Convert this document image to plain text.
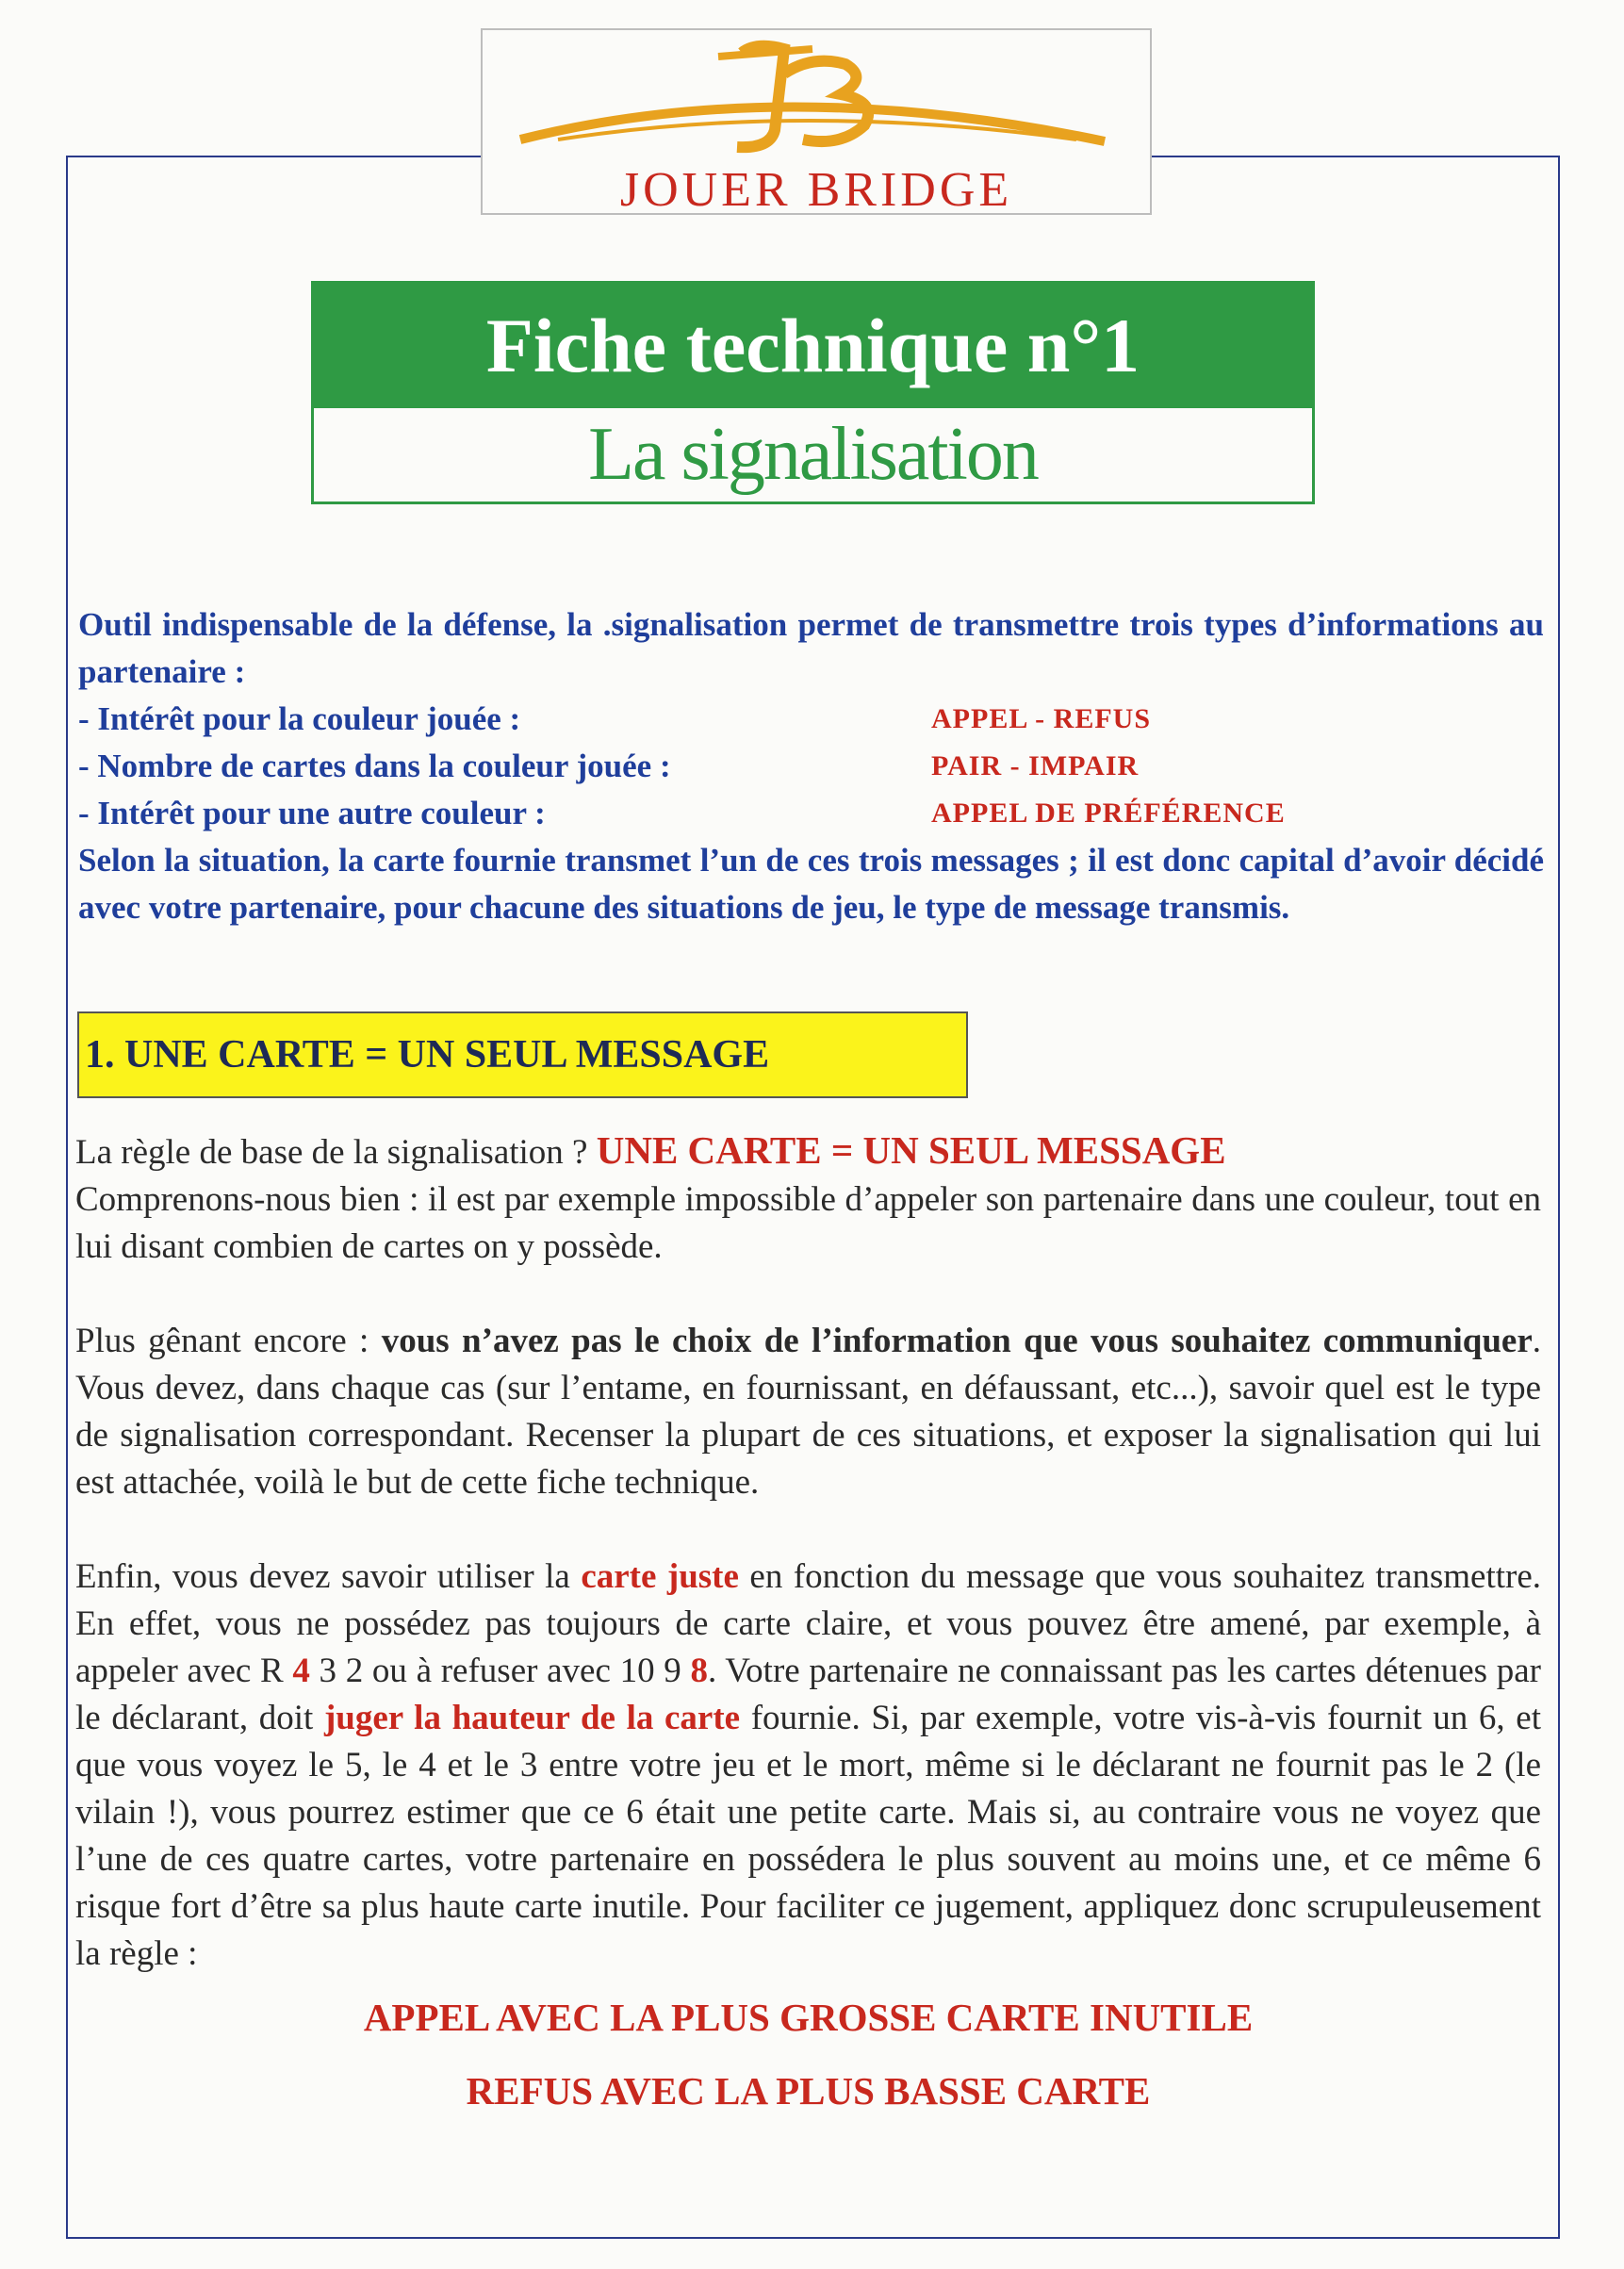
JOUER BRIDGE
Fiche technique n°1
La signalisation

Outil indispensable de la défense, la .signalisation permet de transmettre trois types d’informations au partenaire :

- Intérêt pour la couleur jouée :	APPEL - REFUS
- Nombre de cartes dans la couleur jouée :	PAIR - IMPAIR
- Intérêt pour une autre couleur :	APPEL DE PRÉFÉRENCE

Selon la situation, la carte fournie transmet l’un de ces trois messages ; il est donc capital d’avoir décidé avec votre partenaire, pour chacune des situations de jeu, le type de message transmis.

1. UNE CARTE = UN SEUL MESSAGE

La règle de base de la signalisation ? UNE CARTE = UN SEUL MESSAGE

Comprenons-nous bien : il est par exemple impossible d’appeler son partenaire dans une couleur, tout en lui disant combien de cartes on y possède.

Plus gênant encore : vous n’avez pas le choix de l’information que vous souhaitez communiquer. Vous devez, dans chaque cas (sur l’entame, en fournissant, en défaussant, etc...), savoir quel est le type de signalisation correspondant. Recenser la plupart de ces situations, et exposer la signalisation qui lui est attachée, voilà le but de cette fiche technique.

Enfin, vous devez savoir utiliser la carte juste en fonction du message que vous souhaitez transmettre. En effet, vous ne possédez pas toujours de carte claire, et vous pouvez être amené, par exemple, à appeler avec R 4 3 2 ou à refuser avec 10 9 8. Votre partenaire ne connaissant pas les cartes détenues par le déclarant, doit juger la hauteur de la carte fournie. Si, par exemple, votre vis-à-vis fournit un 6, et que vous voyez le 5, le 4 et le 3 entre votre jeu et le mort, même si le déclarant ne fournit pas le 2 (le vilain !), vous pourrez estimer que ce 6 était une petite carte. Mais si, au contraire vous ne voyez que l’une de ces quatre cartes, votre partenaire en possédera le plus souvent au moins une, et ce même 6 risque fort d’être sa plus haute carte inutile. Pour faciliter ce jugement, appliquez donc scrupuleusement la règle :

APPEL AVEC LA PLUS GROSSE CARTE INUTILE
REFUS AVEC LA PLUS BASSE CARTE
